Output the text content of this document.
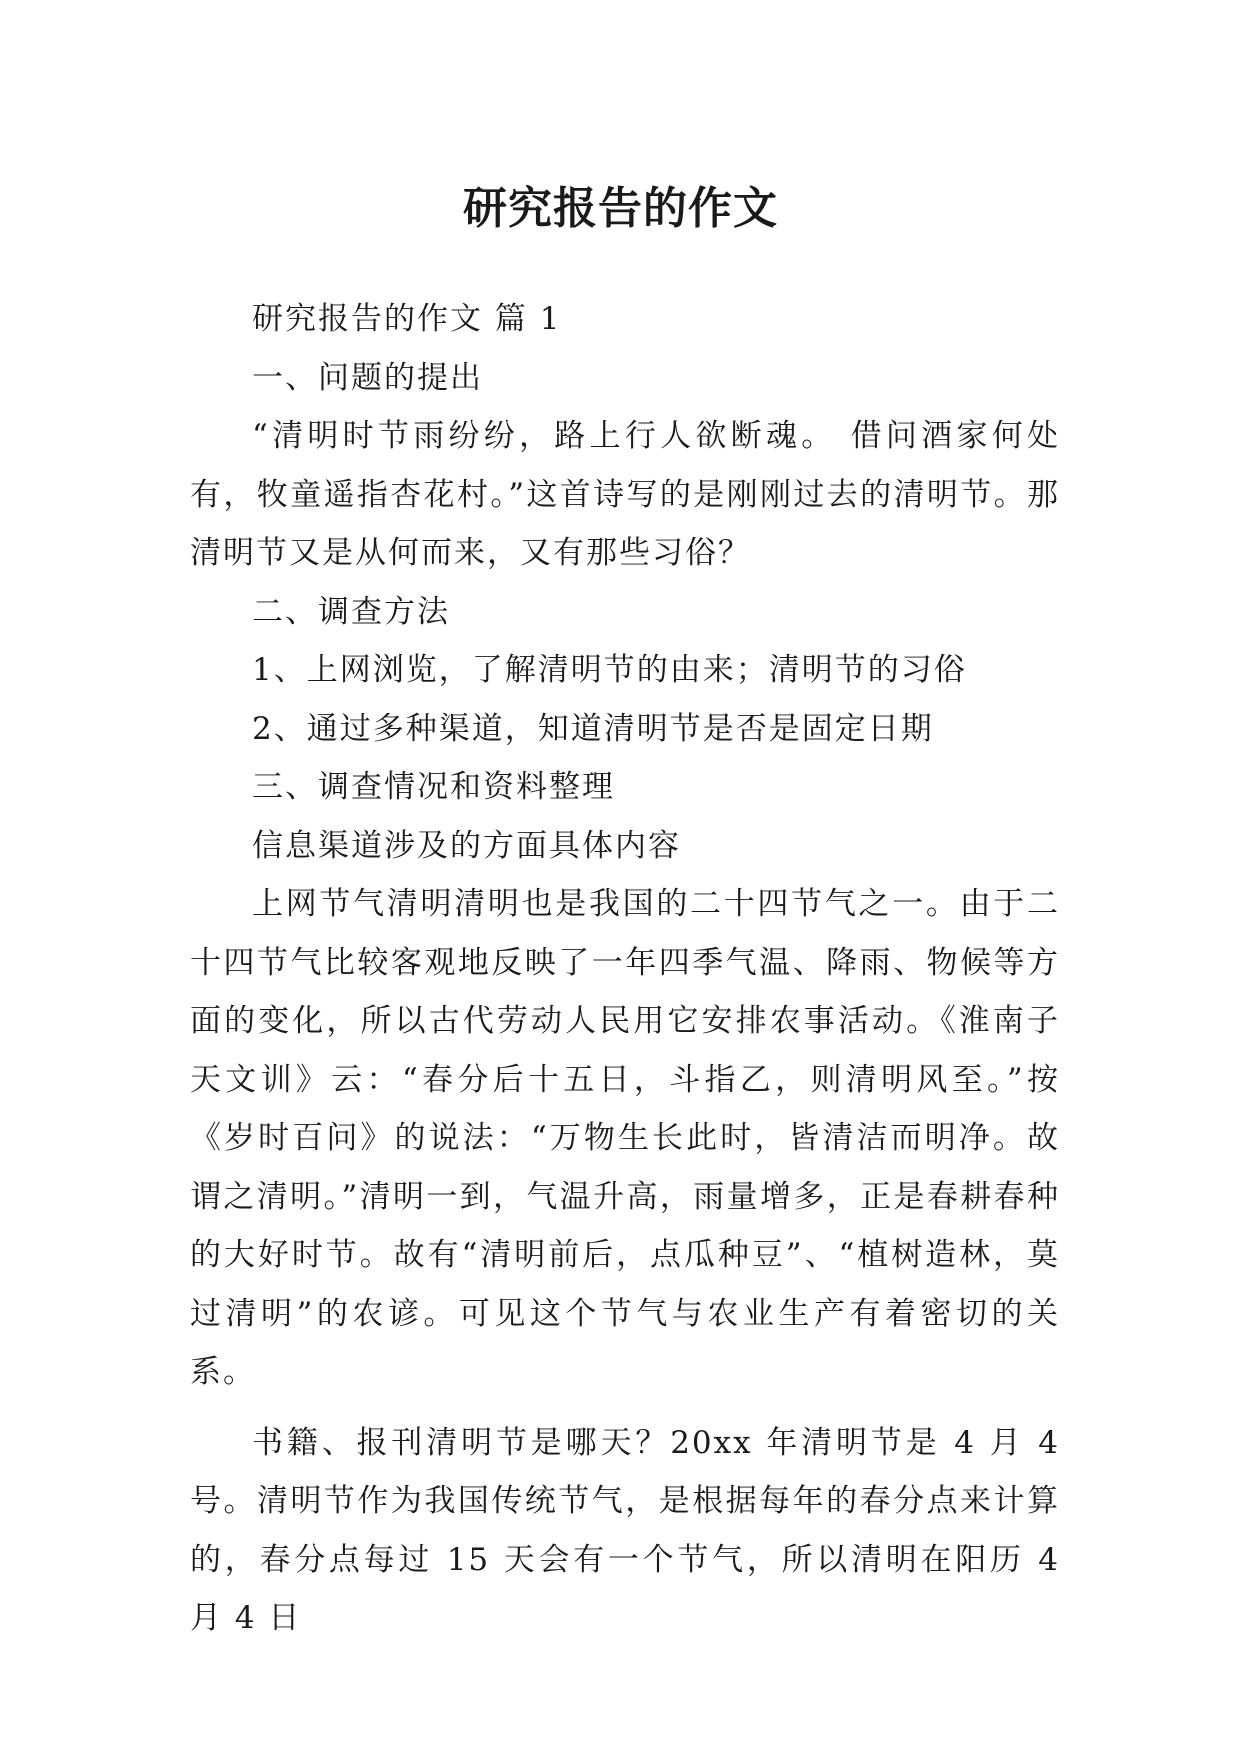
研究报告的作文

研究报告的作文 篇 1

一、问题的提出

“清明时节雨纷纷，路上行人欲断魂。 借问酒家何处有，牧童遥指杏花村。”这首诗写的是刚刚过去的清明节。那清明节又是从何而来，又有那些习俗？

二、调查方法

1、上网浏览，了解清明节的由来；清明节的习俗

2、通过多种渠道，知道清明节是否是固定日期

三、调查情况和资料整理

信息渠道涉及的方面具体内容

上网节气清明清明也是我国的二十四节气之一。由于二十四节气比较客观地反映了一年四季气温、降雨、物候等方面的变化，所以古代劳动人民用它安排农事活动。《淮南子天文训》云：“春分后十五日，斗指乙，则清明风至。”按《岁时百问》的说法：“万物生长此时，皆清洁而明净。故谓之清明。”清明一到，气温升高，雨量增多，正是春耕春种的大好时节。故有“清明前后，点瓜种豆”、“植树造林，莫过清明”的农谚。可见这个节气与农业生产有着密切的关系。

书籍、报刊清明节是哪天？20xx 年清明节是 4 月 4 号。清明节作为我国传统节气，是根据每年的春分点来计算的，春分点每过 15 天会有一个节气，所以清明在阳历 4 月 4 日
